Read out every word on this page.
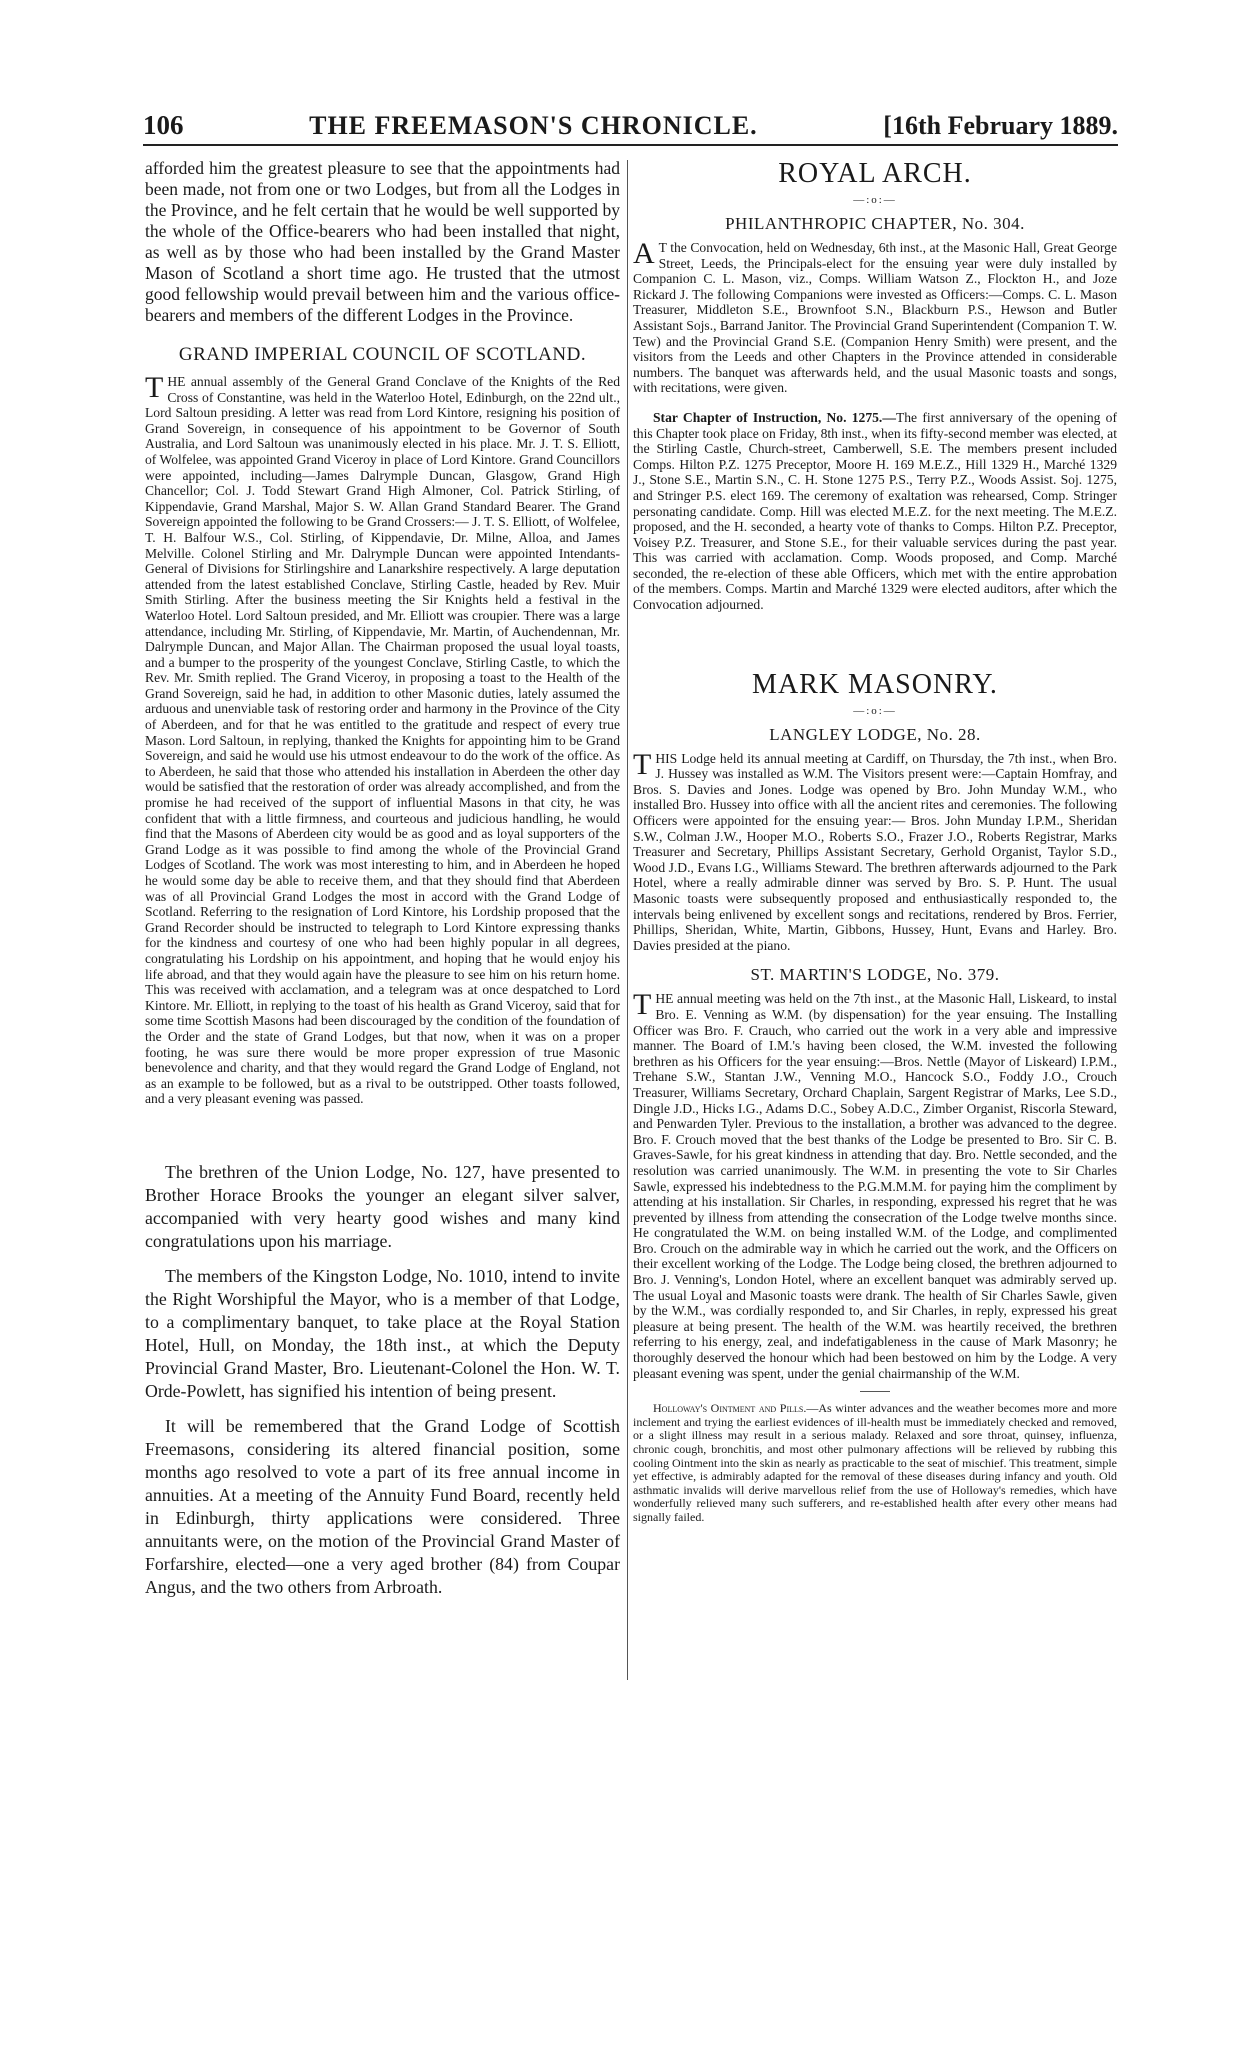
106	THE FREEMASON'S CHRONICLE.	[16th February 1889.

afforded him the greatest pleasure to see that the appointments had been made, not from one or two Lodges, but from all the Lodges in the Province, and he felt certain that he would be well supported by the whole of the Office-bearers who had been installed that night, as well as by those who had been installed by the Grand Master Mason of Scotland a short time ago. He trusted that the utmost good fellowship would prevail between him and the various office-bearers and members of the different Lodges in the Province.

GRAND IMPERIAL COUNCIL OF SCOTLAND.

THE annual assembly of the General Grand Conclave of the Knights of the Red Cross of Constantine, was held in the Waterloo Hotel, Edinburgh, on the 22nd ult., Lord Saltoun presiding. A letter was read from Lord Kintore, resigning his position of Grand Sovereign, in consequence of his appointment to be Governor of South Australia, and Lord Saltoun was unanimously elected in his place. Mr. J. T. S. Elliott, of Wolfelee, was appointed Grand Viceroy in place of Lord Kintore. Grand Councillors were appointed, including—James Dalrymple Duncan, Glasgow, Grand High Chancellor; Col. J. Todd Stewart Grand High Almoner, Col. Patrick Stirling, of Kippendavie, Grand Marshal, Major S. W. Allan Grand Standard Bearer. The Grand Sovereign appointed the following to be Grand Crossers:— J. T. S. Elliott, of Wolfelee, T. H. Balfour W.S., Col. Stirling, of Kippendavie, Dr. Milne, Alloa, and James Melville. Colonel Stirling and Mr. Dalrymple Duncan were appointed Intendants-General of Divisions for Stirlingshire and Lanarkshire respectively. A large deputation attended from the latest established Conclave, Stirling Castle, headed by Rev. Muir Smith Stirling. After the business meeting the Sir Knights held a festival in the Waterloo Hotel. Lord Saltoun presided, and Mr. Elliott was croupier. There was a large attendance, including Mr. Stirling, of Kippendavie, Mr. Martin, of Auchendennan, Mr. Dalrymple Duncan, and Major Allan. The Chairman proposed the usual loyal toasts, and a bumper to the prosperity of the youngest Conclave, Stirling Castle, to which the Rev. Mr. Smith replied. The Grand Viceroy, in proposing a toast to the Health of the Grand Sovereign, said he had, in addition to other Masonic duties, lately assumed the arduous and unenviable task of restoring order and harmony in the Province of the City of Aberdeen, and for that he was entitled to the gratitude and respect of every true Mason. Lord Saltoun, in replying, thanked the Knights for appointing him to be Grand Sovereign, and said he would use his utmost endeavour to do the work of the office. As to Aberdeen, he said that those who attended his installation in Aberdeen the other day would be satisfied that the restoration of order was already accomplished, and from the promise he had received of the support of influential Masons in that city, he was confident that with a little firmness, and courteous and judicious handling, he would find that the Masons of Aberdeen city would be as good and as loyal supporters of the Grand Lodge as it was possible to find among the whole of the Provincial Grand Lodges of Scotland. The work was most interesting to him, and in Aberdeen he hoped he would some day be able to receive them, and that they should find that Aberdeen was of all Provincial Grand Lodges the most in accord with the Grand Lodge of Scotland. Referring to the resignation of Lord Kintore, his Lordship proposed that the Grand Recorder should be instructed to telegraph to Lord Kintore expressing thanks for the kindness and courtesy of one who had been highly popular in all degrees, congratulating his Lordship on his appointment, and hoping that he would enjoy his life abroad, and that they would again have the pleasure to see him on his return home. This was received with acclamation, and a telegram was at once despatched to Lord Kintore. Mr. Elliott, in replying to the toast of his health as Grand Viceroy, said that for some time Scottish Masons had been discouraged by the condition of the foundation of the Order and the state of Grand Lodges, but that now, when it was on a proper footing, he was sure there would be more proper expression of true Masonic benevolence and charity, and that they would regard the Grand Lodge of England, not as an example to be followed, but as a rival to be outstripped. Other toasts followed, and a very pleasant evening was passed.

The brethren of the Union Lodge, No. 127, have presented to Brother Horace Brooks the younger an elegant silver salver, accompanied with very hearty good wishes and many kind congratulations upon his marriage.

The members of the Kingston Lodge, No. 1010, intend to invite the Right Worshipful the Mayor, who is a member of that Lodge, to a complimentary banquet, to take place at the Royal Station Hotel, Hull, on Monday, the 18th inst., at which the Deputy Provincial Grand Master, Bro. Lieutenant-Colonel the Hon. W. T. Orde-Powlett, has signified his intention of being present.

It will be remembered that the Grand Lodge of Scottish Freemasons, considering its altered financial position, some months ago resolved to vote a part of its free annual income in annuities. At a meeting of the Annuity Fund Board, recently held in Edinburgh, thirty applications were considered. Three annuitants were, on the motion of the Provincial Grand Master of Forfarshire, elected—one a very aged brother (84) from Coupar Angus, and the two others from Arbroath.

ROYAL ARCH.
—:o:—
PHILANTHROPIC CHAPTER, No. 304.

AT the Convocation, held on Wednesday, 6th inst., at the Masonic Hall, Great George Street, Leeds, the Principals-elect for the ensuing year were duly installed by Companion C. L. Mason, viz., Comps. William Watson Z., Flockton H., and Joze Rickard J. The following Companions were invested as Officers:—Comps. C. L. Mason Treasurer, Middleton S.E., Brownfoot S.N., Blackburn P.S., Hewson and Butler Assistant Sojs., Barrand Janitor. The Provincial Grand Superintendent (Companion T. W. Tew) and the Provincial Grand S.E. (Companion Henry Smith) were present, and the visitors from the Leeds and other Chapters in the Province attended in considerable numbers. The banquet was afterwards held, and the usual Masonic toasts and songs, with recitations, were given.

Star Chapter of Instruction, No. 1275.—The first anniversary of the opening of this Chapter took place on Friday, 8th inst., when its fifty-second member was elected, at the Stirling Castle, Church-street, Camberwell, S.E. The members present included Comps. Hilton P.Z. 1275 Preceptor, Moore H. 169 M.E.Z., Hill 1329 H., Marché 1329 J., Stone S.E., Martin S.N., C. H. Stone 1275 P.S., Terry P.Z., Woods Assist. Soj. 1275, and Stringer P.S. elect 169. The ceremony of exaltation was rehearsed, Comp. Stringer personating candidate. Comp. Hill was elected M.E.Z. for the next meeting. The M.E.Z. proposed, and the H. seconded, a hearty vote of thanks to Comps. Hilton P.Z. Preceptor, Voisey P.Z. Treasurer, and Stone S.E., for their valuable services during the past year. This was carried with acclamation. Comp. Woods proposed, and Comp. Marché seconded, the re-election of these able Officers, which met with the entire approbation of the members. Comps. Martin and Marché 1329 were elected auditors, after which the Convocation adjourned.

MARK MASONRY.
—:o:—
LANGLEY LODGE, No. 28.

THIS Lodge held its annual meeting at Cardiff, on Thursday, the 7th inst., when Bro. J. Hussey was installed as W.M. The Visitors present were:—Captain Homfray, and Bros. S. Davies and Jones. Lodge was opened by Bro. John Munday W.M., who installed Bro. Hussey into office with all the ancient rites and ceremonies. The following Officers were appointed for the ensuing year:— Bros. John Munday I.P.M., Sheridan S.W., Colman J.W., Hooper M.O., Roberts S.O., Frazer J.O., Roberts Registrar, Marks Treasurer and Secretary, Phillips Assistant Secretary, Gerhold Organist, Taylor S.D., Wood J.D., Evans I.G., Williams Steward. The brethren afterwards adjourned to the Park Hotel, where a really admirable dinner was served by Bro. S. P. Hunt. The usual Masonic toasts were subsequently proposed and enthusiastically responded to, the intervals being enlivened by excellent songs and recitations, rendered by Bros. Ferrier, Phillips, Sheridan, White, Martin, Gibbons, Hussey, Hunt, Evans and Harley. Bro. Davies presided at the piano.

ST. MARTIN'S LODGE, No. 379.

THE annual meeting was held on the 7th inst., at the Masonic Hall, Liskeard, to instal Bro. E. Venning as W.M. (by dispensation) for the year ensuing. The Installing Officer was Bro. F. Crauch, who carried out the work in a very able and impressive manner. The Board of I.M.'s having been closed, the W.M. invested the following brethren as his Officers for the year ensuing:—Bros. Nettle (Mayor of Liskeard) I.P.M., Trehane S.W., Stantan J.W., Venning M.O., Hancock S.O., Foddy J.O., Crouch Treasurer, Williams Secretary, Orchard Chaplain, Sargent Registrar of Marks, Lee S.D., Dingle J.D., Hicks I.G., Adams D.C., Sobey A.D.C., Zimber Organist, Riscorla Steward, and Penwarden Tyler. Previous to the installation, a brother was advanced to the degree. Bro. F. Crouch moved that the best thanks of the Lodge be presented to Bro. Sir C. B. Graves-Sawle, for his great kindness in attending that day. Bro. Nettle seconded, and the resolution was carried unanimously. The W.M. in presenting the vote to Sir Charles Sawle, expressed his indebtedness to the P.G.M.M.M. for paying him the compliment by attending at his installation. Sir Charles, in responding, expressed his regret that he was prevented by illness from attending the consecration of the Lodge twelve months since. He congratulated the W.M. on being installed W.M. of the Lodge, and complimented Bro. Crouch on the admirable way in which he carried out the work, and the Officers on their excellent working of the Lodge. The Lodge being closed, the brethren adjourned to Bro. J. Venning's, London Hotel, where an excellent banquet was admirably served up. The usual Loyal and Masonic toasts were drank. The health of Sir Charles Sawle, given by the W.M., was cordially responded to, and Sir Charles, in reply, expressed his great pleasure at being present. The health of the W.M. was heartily received, the brethren referring to his energy, zeal, and indefatigableness in the cause of Mark Masonry; he thoroughly deserved the honour which had been bestowed on him by the Lodge. A very pleasant evening was spent, under the genial chairmanship of the W.M.

Holloway's Ointment and Pills.—As winter advances and the weather becomes more and more inclement and trying the earliest evidences of ill-health must be immediately checked and removed, or a slight illness may result in a serious malady. Relaxed and sore throat, quinsey, influenza, chronic cough, bronchitis, and most other pulmonary affections will be relieved by rubbing this cooling Ointment into the skin as nearly as practicable to the seat of mischief. This treatment, simple yet effective, is admirably adapted for the removal of these diseases during infancy and youth. Old asthmatic invalids will derive marvellous relief from the use of Holloway's remedies, which have wonderfully relieved many such sufferers, and re-established health after every other means had signally failed.
